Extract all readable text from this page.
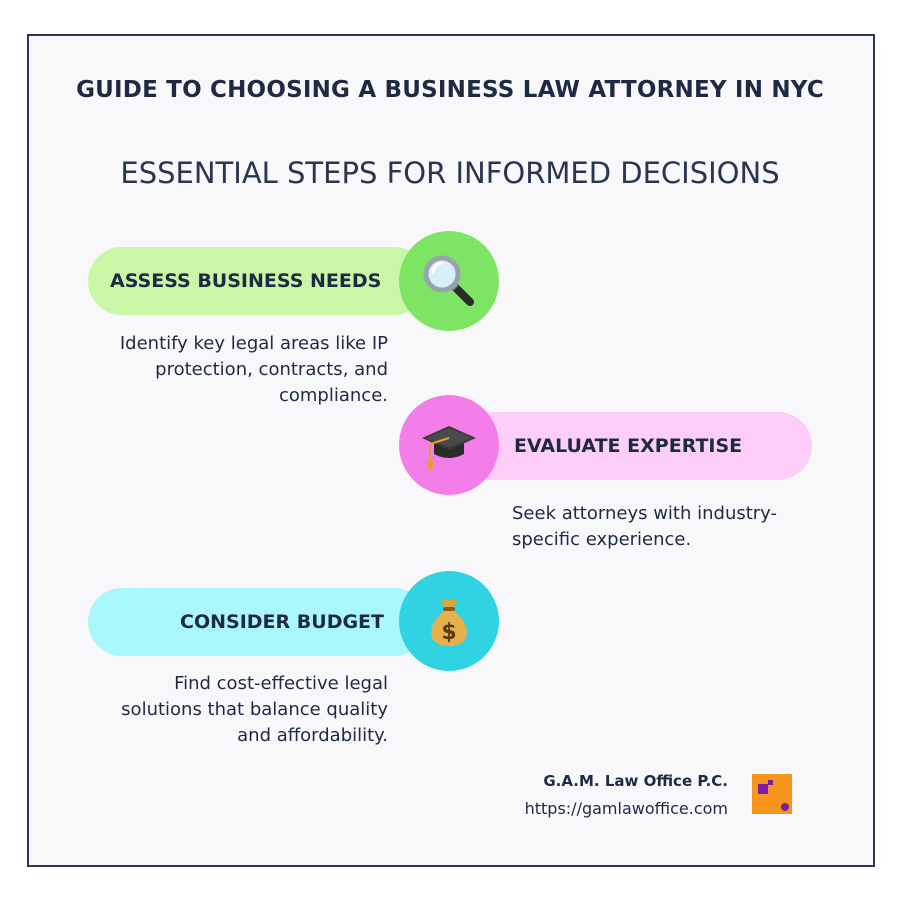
GUIDE TO CHOOSING A BUSINESS LAW ATTORNEY IN NYC
ESSENTIAL STEPS FOR INFORMED DECISIONS
ASSESS BUSINESS NEEDS
Identify key legal areas like IP protection, contracts, and compliance.
EVALUATE EXPERTISE
Seek attorneys with industry-specific experience.
CONSIDER BUDGET	$
Find cost-effective legal solutions that balance quality and affordability.
G.A.M. Law Office P.C.
https://gamlawoffice.com
